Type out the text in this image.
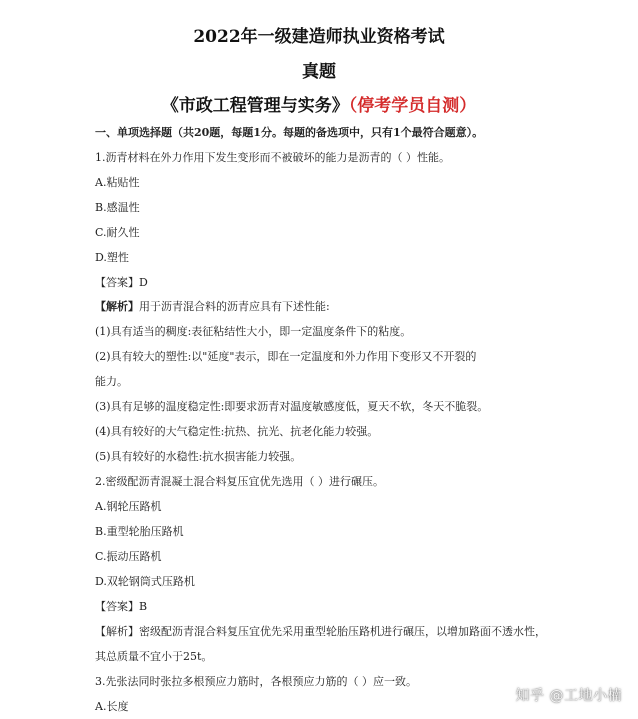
2022年一级建造师执业资格考试
真题
《市政工程管理与实务》（停考学员自测）
一、单项选择题（共20题，每题1分。每题的备选项中，只有1个最符合题意）。
1.沥青材料在外力作用下发生变形而不被破坏的能力是沥青的（ ）性能。
A.粘贴性
B.感温性
C.耐久性
D.塑性
【答案】D
【解析】用于沥青混合料的沥青应具有下述性能:
(1)具有适当的稠度:表征粘结性大小，即一定温度条件下的粘度。
(2)具有较大的塑性:以"延度"表示，即在一定温度和外力作用下变形又不开裂的
能力。
(3)具有足够的温度稳定性:即要求沥青对温度敏感度低，夏天不软，冬天不脆裂。
(4)具有较好的大气稳定性:抗热、抗光、抗老化能力较强。
(5)具有较好的水稳性:抗水损害能力较强。
2.密级配沥青混凝土混合料复压宜优先选用（ ）进行碾压。
A.钢轮压路机
B.重型轮胎压路机
C.振动压路机
D.双轮钢筒式压路机
【答案】B
【解析】密级配沥青混合料复压宜优先采用重型轮胎压路机进行碾压，以增加路面不透水性，
其总质量不宜小于25t。
3.先张法同时张拉多根预应力筋时，各根预应力筋的（ ）应一致。
A.长度
知乎 @工地小楠
